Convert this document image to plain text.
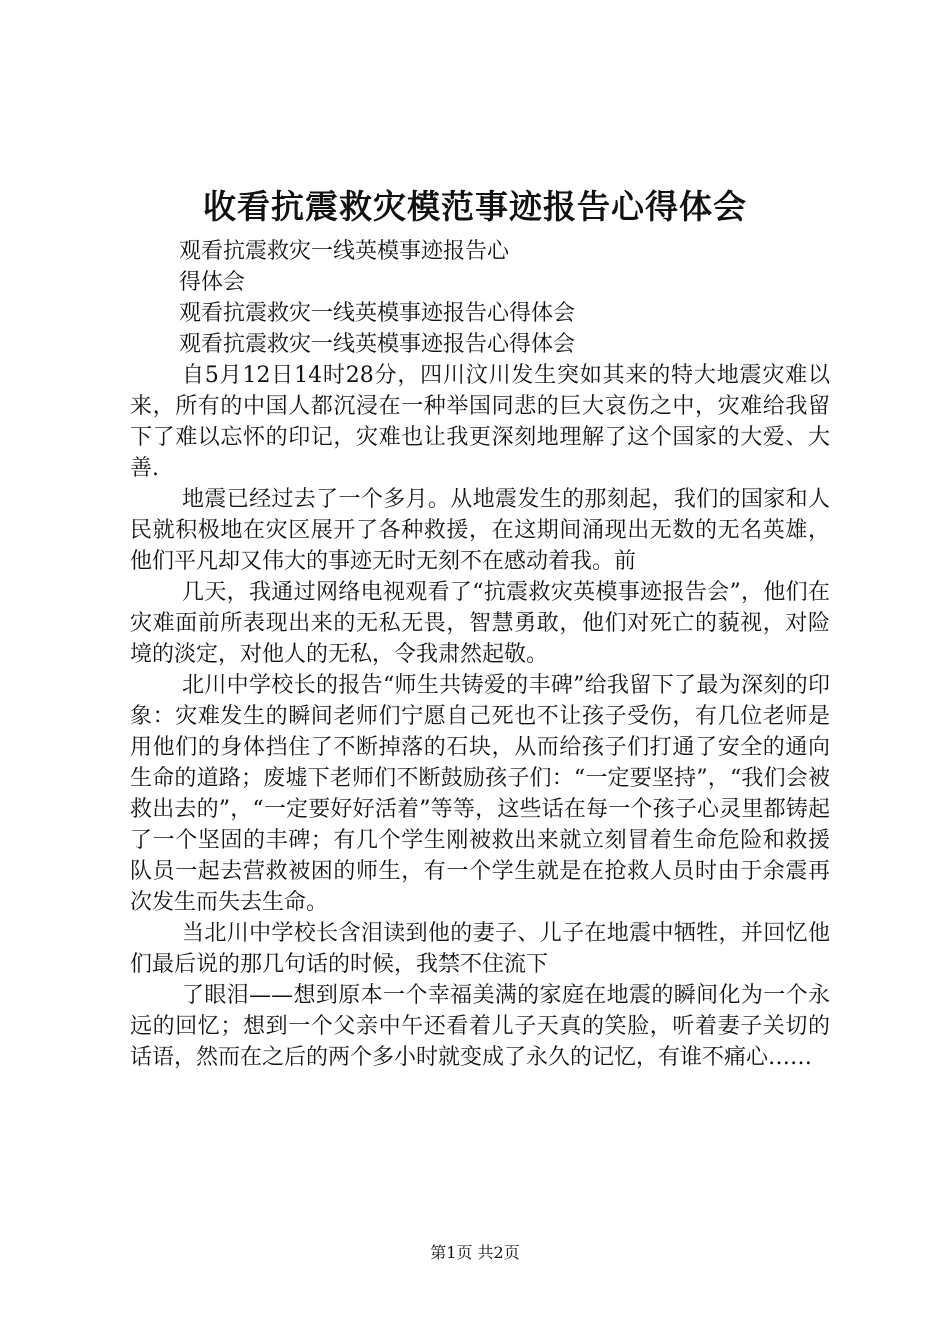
收看抗震救灾模范事迹报告心得体会
观看抗震救灾一线英模事迹报告心
得体会
观看抗震救灾一线英模事迹报告心得体会
观看抗震救灾一线英模事迹报告心得体会

自5月12日14时28分，四川汶川发生突如其来的特大地震灾难以来，所有的中国人都沉浸在一种举国同悲的巨大哀伤之中，灾难给我留下了难以忘怀的印记，灾难也让我更深刻地理解了这个国家的大爱、大善.

地震已经过去了一个多月。从地震发生的那刻起，我们的国家和人民就积极地在灾区展开了各种救援，在这期间涌现出无数的无名英雄，他们平凡却又伟大的事迹无时无刻不在感动着我。前

几天，我通过网络电视观看了“抗震救灾英模事迹报告会”，他们在灾难面前所表现出来的无私无畏，智慧勇敢，他们对死亡的藐视，对险境的淡定，对他人的无私，令我肃然起敬。

北川中学校长的报告“师生共铸爱的丰碑”给我留下了最为深刻的印象：灾难发生的瞬间老师们宁愿自己死也不让孩子受伤，有几位老师是用他们的身体挡住了不断掉落的石块，从而给孩子们打通了安全的通向生命的道路；废墟下老师们不断鼓励孩子们：“一定要坚持”，“我们会被救出去的”，“一定要好好活着”等等，这些话在每一个孩子心灵里都铸起了一个坚固的丰碑；有几个学生刚被救出来就立刻冒着生命危险和救援队员一起去营救被困的师生，有一个学生就是在抢救人员时由于余震再次发生而失去生命。

当北川中学校长含泪读到他的妻子、儿子在地震中牺牲，并回忆他们最后说的那几句话的时候，我禁不住流下

了眼泪——想到原本一个幸福美满的家庭在地震的瞬间化为一个永远的回忆；想到一个父亲中午还看着儿子天真的笑脸，听着妻子关切的话语，然而在之后的两个多小时就变成了永久的记忆，有谁不痛心……

第1页 共2页
